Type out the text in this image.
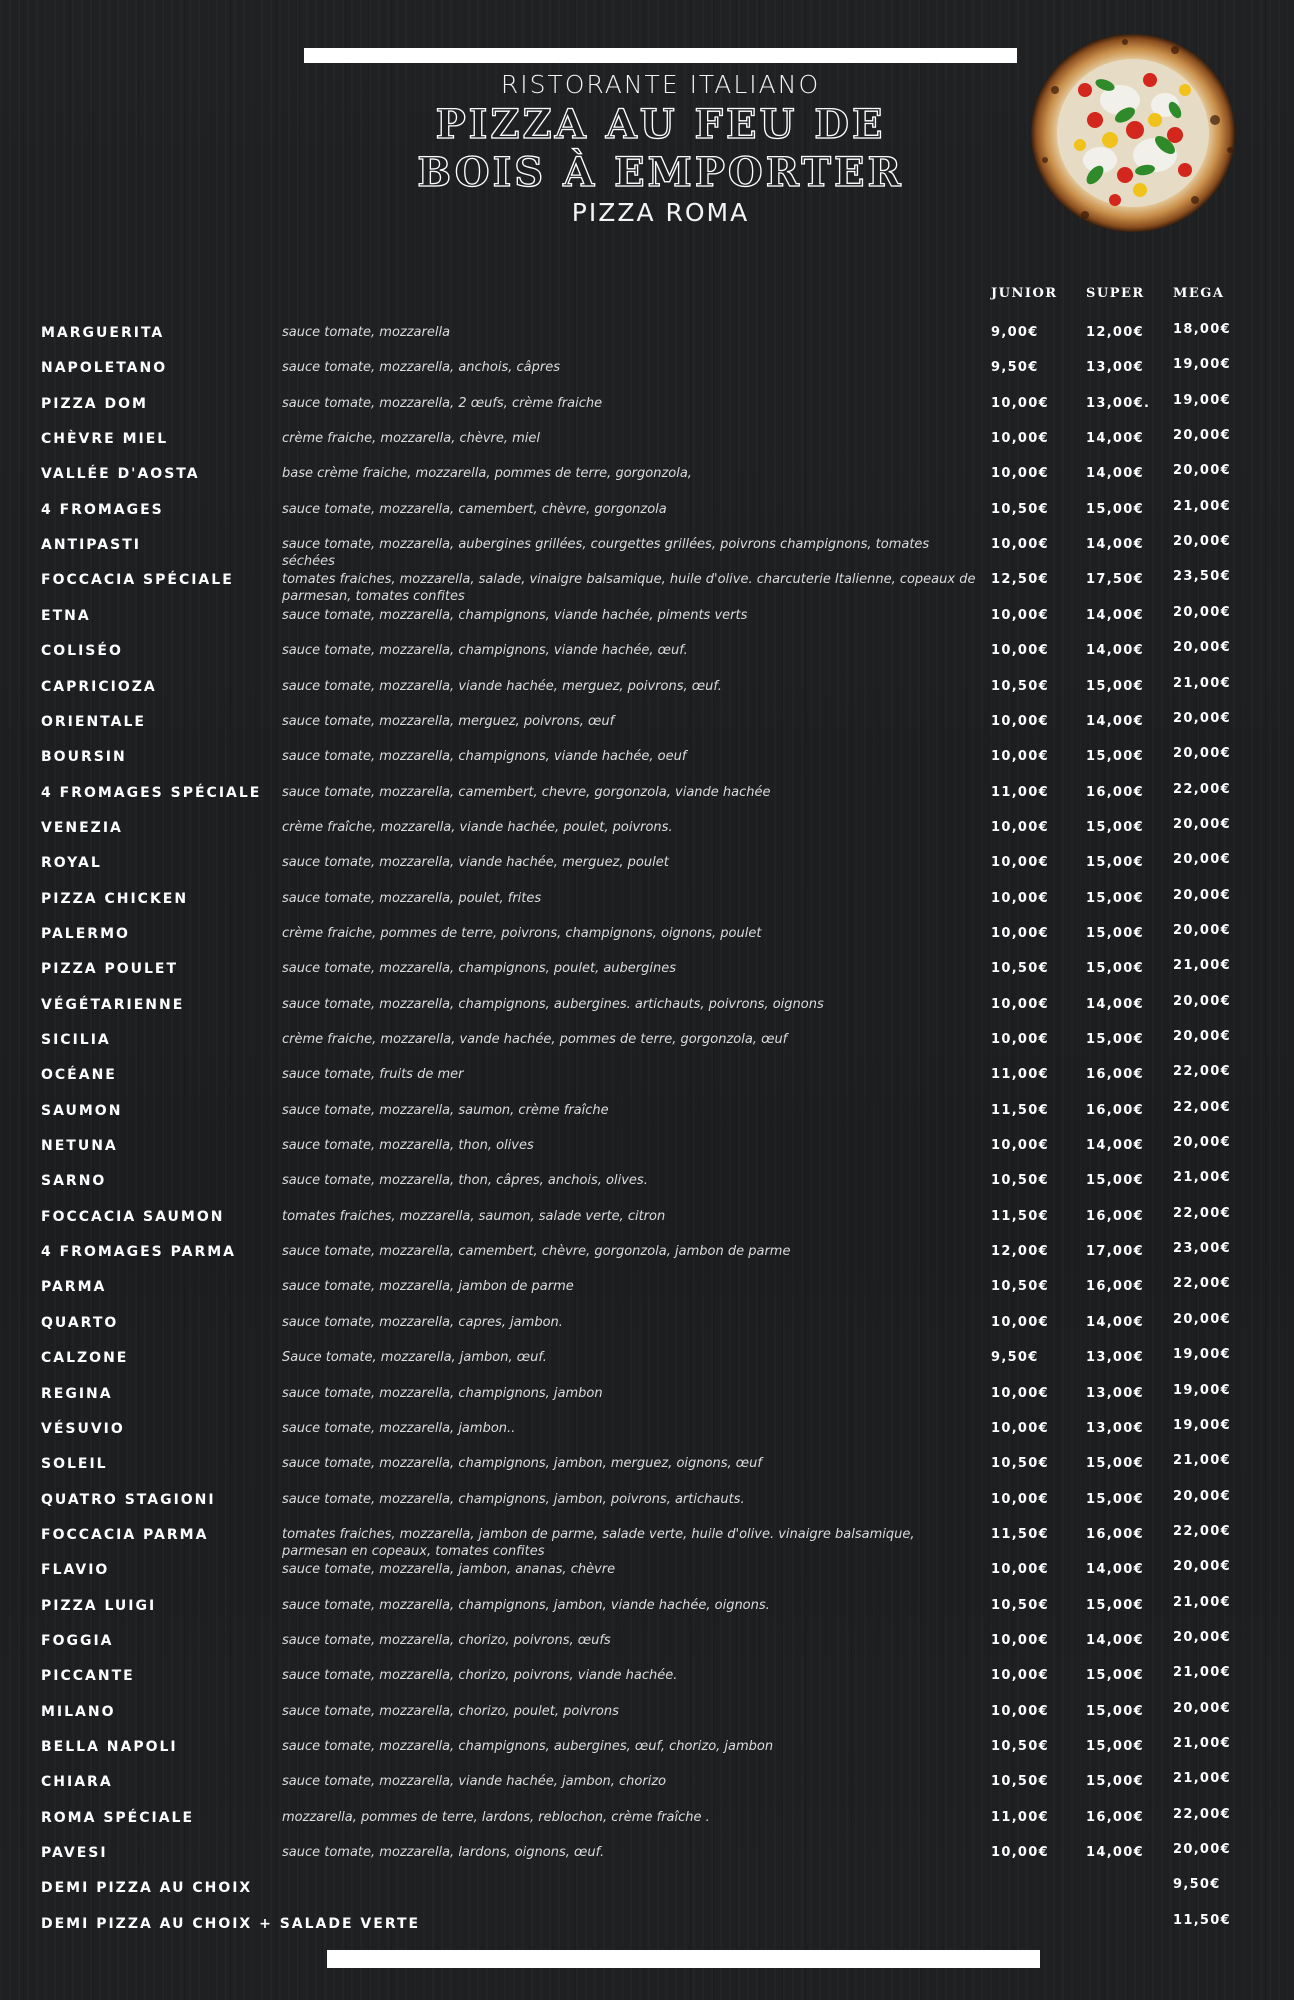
RISTORANTE ITALIANO
PIZZA AU FEU DE
BOIS À EMPORTER
PIZZA ROMA
JUNIOR SUPER MEGA
MARGUERITA	sauce tomate, mozzarella	9,00€	12,00€ 18,00€
NAPOLETANO	sauce tomate, mozzarella, anchois, câpres	9,50€	13,00€ 19,00€
PIZZA DOM	sauce tomate, mozzarella, 2 œufs, crème fraiche	10,00€	13,00€. 19,00€
CHÈVRE MIEL	crème fraiche, mozzarella, chèvre, miel	10,00€	14,00€ 20,00€
VALLÉE D'AOSTA	base crème fraiche, mozzarella, pommes de terre, gorgonzola,	10,00€	14,00€ 20,00€
4 FROMAGES	sauce tomate, mozzarella, camembert, chèvre, gorgonzola	10,50€	15,00€ 21,00€
ANTIPASTI	sauce tomate, mozzarella, aubergines grillées, courgettes grillées, poivrons champignons, tomates séchées
10,00€	14,00€ 20,00€
FOCCACIA SPÉCIALE	tomates fraiches, mozzarella, salade, vinaigre balsamique, huile d'olive. charcuterie Italienne, copeaux de parmesan, tomates confites
12,50€	17,50€ 23,50€
ETNA	sauce tomate, mozzarella, champignons, viande hachée, piments verts	10,00€	14,00€ 20,00€
COLISÉO	sauce tomate, mozzarella, champignons, viande hachée, œuf.	10,00€	14,00€ 20,00€
CAPRICIOZA	sauce tomate, mozzarella, viande hachée, merguez, poivrons, œuf.	10,50€	15,00€ 21,00€
ORIENTALE	sauce tomate, mozzarella, merguez, poivrons, œuf	10,00€	14,00€ 20,00€
BOURSIN	sauce tomate, mozzarella, champignons, viande hachée, oeuf	10,00€	15,00€ 20,00€
4 FROMAGES SPÉCIALE sauce tomate, mozzarella, camembert, chevre, gorgonzola, viande hachée	11,00€	16,00€ 22,00€
VENEZIA	crème fraîche, mozzarella, viande hachée, poulet, poivrons.	10,00€	15,00€ 20,00€
ROYAL	sauce tomate, mozzarella, viande hachée, merguez, poulet	10,00€	15,00€ 20,00€
PIZZA CHICKEN	sauce tomate, mozzarella, poulet, frites	10,00€	15,00€ 20,00€
PALERMO	crème fraiche, pommes de terre, poivrons, champignons, oignons, poulet	10,00€	15,00€ 20,00€
PIZZA POULET	sauce tomate, mozzarella, champignons, poulet, aubergines	10,50€	15,00€ 21,00€
VÉGÉTARIENNE	sauce tomate, mozzarella, champignons, aubergines. artichauts, poivrons, oignons	10,00€	14,00€ 20,00€
SICILIA	crème fraiche, mozzarella, vande hachée, pommes de terre, gorgonzola, œuf	10,00€	15,00€ 20,00€
OCÉANE	sauce tomate, fruits de mer	11,00€	16,00€ 22,00€
SAUMON	sauce tomate, mozzarella, saumon, crème fraîche	11,50€	16,00€ 22,00€
NETUNA	sauce tomate, mozzarella, thon, olives	10,00€	14,00€ 20,00€
SARNO	sauce tomate, mozzarella, thon, câpres, anchois, olives.	10,50€	15,00€ 21,00€
FOCCACIA SAUMON	tomates fraiches, mozzarella, saumon, salade verte, citron	11,50€	16,00€ 22,00€
4 FROMAGES PARMA	sauce tomate, mozzarella, camembert, chèvre, gorgonzola, jambon de parme	12,00€	17,00€ 23,00€
PARMA	sauce tomate, mozzarella, jambon de parme	10,50€	16,00€ 22,00€
QUARTO	sauce tomate, mozzarella, capres, jambon.	10,00€	14,00€ 20,00€
CALZONE	Sauce tomate, mozzarella, jambon, œuf.	9,50€	13,00€ 19,00€
REGINA	sauce tomate, mozzarella, champignons, jambon	10,00€	13,00€ 19,00€
VÉSUVIO	sauce tomate, mozzarella, jambon..	10,00€	13,00€ 19,00€
SOLEIL	sauce tomate, mozzarella, champignons, jambon, merguez, oignons, œuf	10,50€	15,00€ 21,00€
QUATRO STAGIONI	sauce tomate, mozzarella, champignons, jambon, poivrons, artichauts.	10,00€	15,00€ 20,00€
FOCCACIA PARMA	tomates fraiches, mozzarella, jambon de parme, salade verte, huile d'olive. vinaigre balsamique, parmesan en copeaux, tomates confites
11,50€	16,00€ 22,00€
FLAVIO	sauce tomate, mozzarella, jambon, ananas, chèvre	10,00€	14,00€ 20,00€
PIZZA LUIGI	sauce tomate, mozzarella, champignons, jambon, viande hachée, oignons.	10,50€	15,00€ 21,00€
FOGGIA	sauce tomate, mozzarella, chorizo, poivrons, œufs	10,00€	14,00€ 20,00€
PICCANTE	sauce tomate, mozzarella, chorizo, poivrons, viande hachée.	10,00€	15,00€ 21,00€
MILANO	sauce tomate, mozzarella, chorizo, poulet, poivrons	10,00€	15,00€ 20,00€
BELLA NAPOLI	sauce tomate, mozzarella, champignons, aubergines, œuf, chorizo, jambon	10,50€	15,00€ 21,00€
CHIARA	sauce tomate, mozzarella, viande hachée, jambon, chorizo	10,50€	15,00€ 21,00€
ROMA SPÉCIALE	mozzarella, pommes de terre, lardons, reblochon, crème fraîche .	11,00€	16,00€ 22,00€
PAVESI	sauce tomate, mozzarella, lardons, oignons, œuf.	10,00€	14,00€ 20,00€
DEMI PIZZA AU CHOIX	9,50€
DEMI PIZZA AU CHOIX + SALADE VERTE	11,50€
